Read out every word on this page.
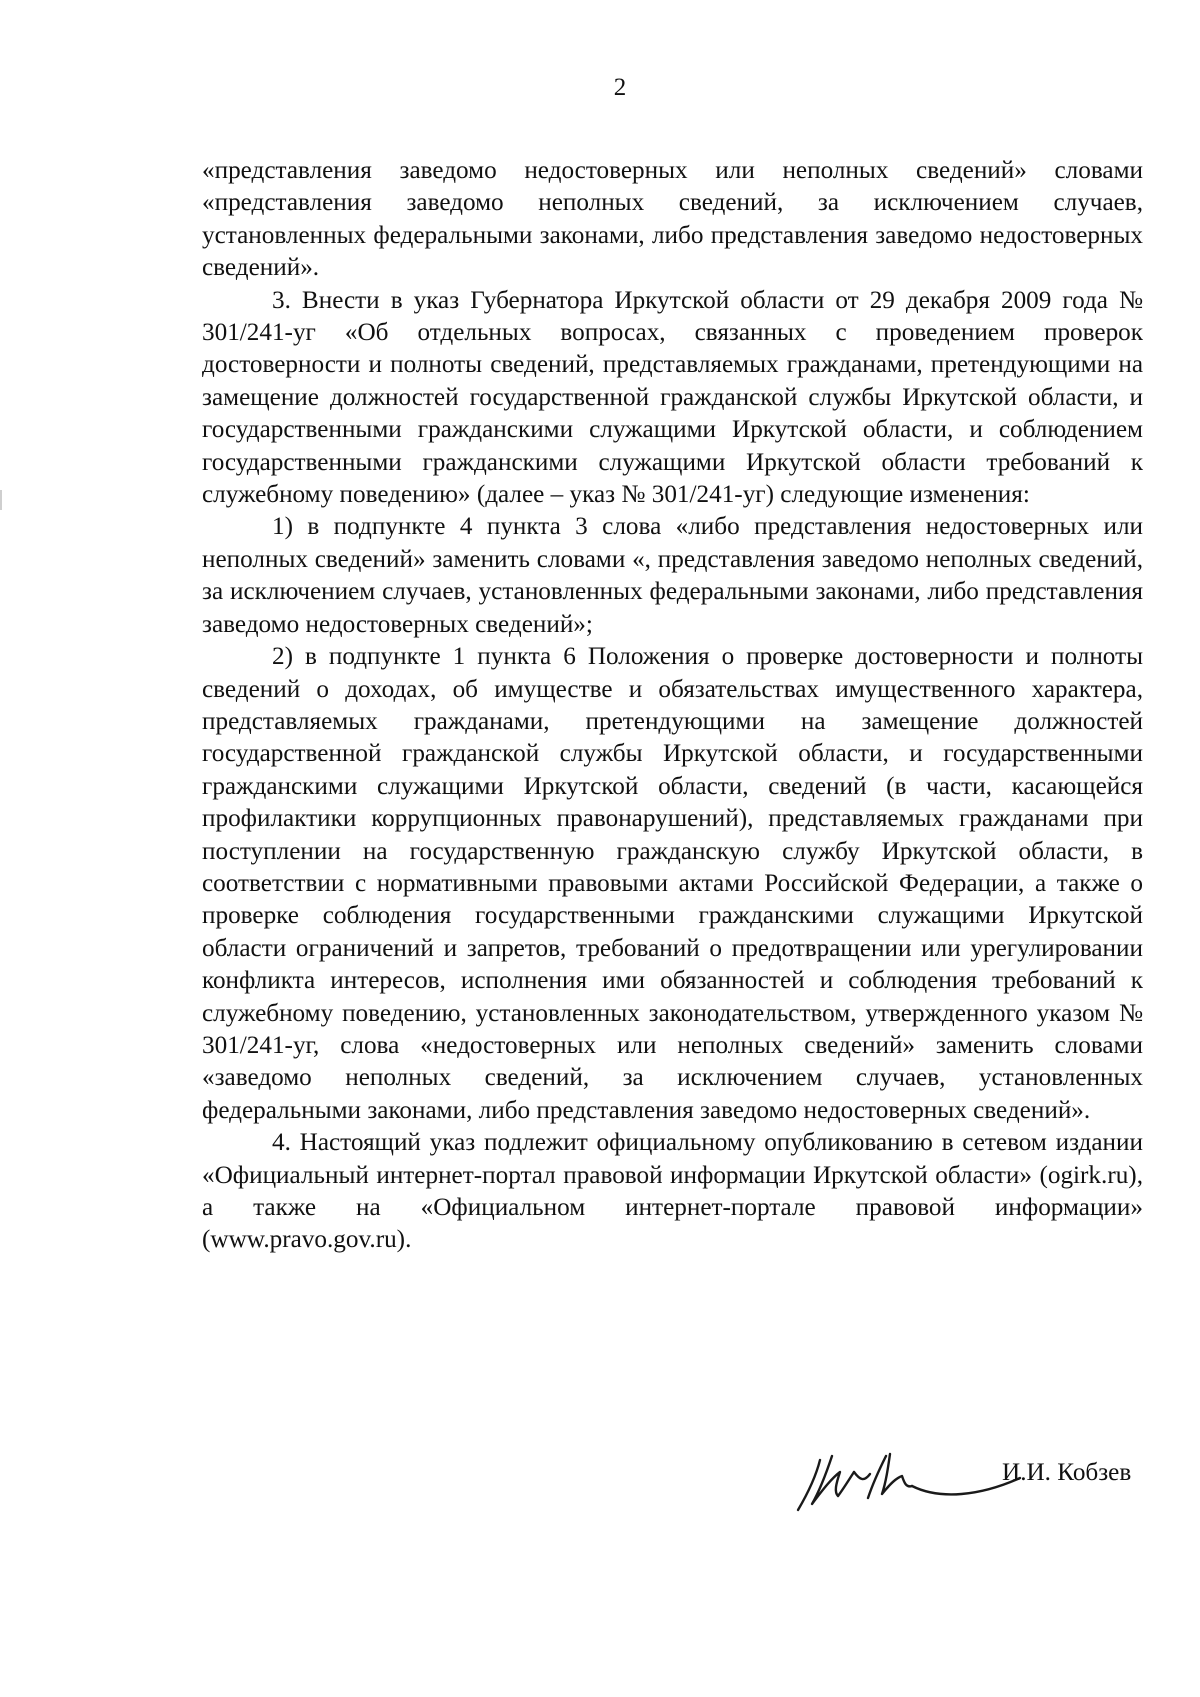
2

«представления заведомо недостоверных или неполных сведений» словами «представления заведомо неполных сведений, за исключением случаев, установленных федеральными законами, либо представления заведомо недостоверных сведений».

3. Внести в указ Губернатора Иркутской области от 29 декабря 2009 года № 301/241-уг «Об отдельных вопросах, связанных с проведением проверок достоверности и полноты сведений, представляемых гражданами, претендующими на замещение должностей государственной гражданской службы Иркутской области, и государственными гражданскими служащими Иркутской области, и соблюдением государственными гражданскими служащими Иркутской области требований к служебному поведению» (далее – указ № 301/241-уг) следующие изменения:

1) в подпункте 4 пункта 3 слова «либо представления недостоверных или неполных сведений» заменить словами «, представления заведомо неполных сведений, за исключением случаев, установленных федеральными законами, либо представления заведомо недостоверных сведений»;

2) в подпункте 1 пункта 6 Положения о проверке достоверности и полноты сведений о доходах, об имуществе и обязательствах имущественного характера, представляемых гражданами, претендующими на замещение должностей государственной гражданской службы Иркутской области, и государственными гражданскими служащими Иркутской области, сведений (в части, касающейся профилактики коррупционных правонарушений), представляемых гражданами при поступлении на государственную гражданскую службу Иркутской области, в соответствии с нормативными правовыми актами Российской Федерации, а также о проверке соблюдения государственными гражданскими служащими Иркутской области ограничений и запретов, требований о предотвращении или урегулировании конфликта интересов, исполнения ими обязанностей и соблюдения требований к служебному поведению, установленных законодательством, утвержденного указом № 301/241-уг, слова «недостоверных или неполных сведений» заменить словами «заведомо неполных сведений, за исключением случаев, установленных федеральными законами, либо представления заведомо недостоверных сведений».

4. Настоящий указ подлежит официальному опубликованию в сетевом издании «Официальный интернет-портал правовой информации Иркутской области» (ogirk.ru), а также на «Официальном интернет-портале правовой информации» (www.pravo.gov.ru).

И.И. Кобзев
